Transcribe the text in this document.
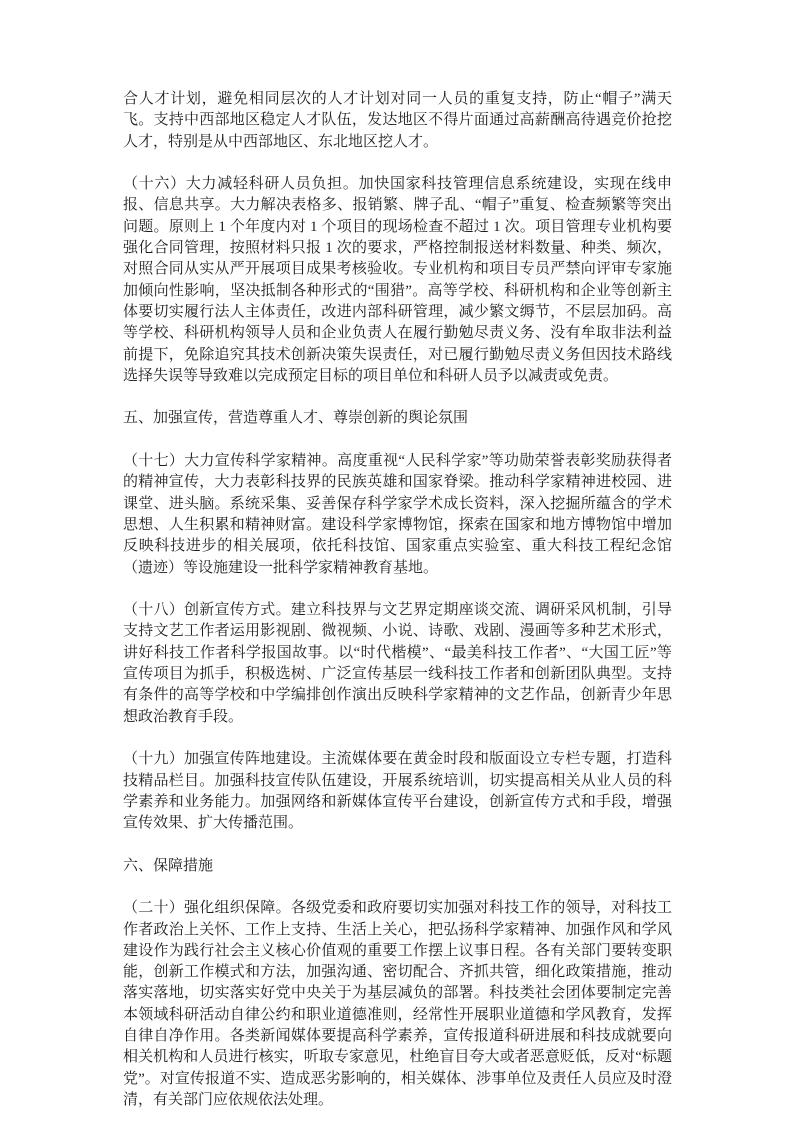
合人才计划，避免相同层次的人才计划对同一人员的重复支持，防止“帽子”满天飞。支持中西部地区稳定人才队伍，发达地区不得片面通过高薪酬高待遇竞价抢挖人才，特别是从中西部地区、东北地区挖人才。

（十六）大力减轻科研人员负担。加快国家科技管理信息系统建设，实现在线申报、信息共享。大力解决表格多、报销繁、牌子乱、“帽子”重复、检查频繁等突出问题。原则上 1 个年度内对 1 个项目的现场检查不超过 1 次。项目管理专业机构要强化合同管理，按照材料只报 1 次的要求，严格控制报送材料数量、种类、频次，对照合同从实从严开展项目成果考核验收。专业机构和项目专员严禁向评审专家施加倾向性影响，坚决抵制各种形式的“围猎”。高等学校、科研机构和企业等创新主体要切实履行法人主体责任，改进内部科研管理，减少繁文缛节，不层层加码。高等学校、科研机构领导人员和企业负责人在履行勤勉尽责义务、没有牟取非法利益前提下，免除追究其技术创新决策失误责任，对已履行勤勉尽责义务但因技术路线选择失误等导致难以完成预定目标的项目单位和科研人员予以减责或免责。

五、加强宣传，营造尊重人才、尊崇创新的舆论氛围

（十七）大力宣传科学家精神。高度重视“人民科学家”等功勋荣誉表彰奖励获得者的精神宣传，大力表彰科技界的民族英雄和国家脊梁。推动科学家精神进校园、进课堂、进头脑。系统采集、妥善保存科学家学术成长资料，深入挖掘所蕴含的学术思想、人生积累和精神财富。建设科学家博物馆，探索在国家和地方博物馆中增加反映科技进步的相关展项，依托科技馆、国家重点实验室、重大科技工程纪念馆（遗迹）等设施建设一批科学家精神教育基地。

（十八）创新宣传方式。建立科技界与文艺界定期座谈交流、调研采风机制，引导支持文艺工作者运用影视剧、微视频、小说、诗歌、戏剧、漫画等多种艺术形式，讲好科技工作者科学报国故事。以“时代楷模”、“最美科技工作者”、“大国工匠”等宣传项目为抓手，积极选树、广泛宣传基层一线科技工作者和创新团队典型。支持有条件的高等学校和中学编排创作演出反映科学家精神的文艺作品，创新青少年思想政治教育手段。

（十九）加强宣传阵地建设。主流媒体要在黄金时段和版面设立专栏专题，打造科技精品栏目。加强科技宣传队伍建设，开展系统培训，切实提高相关从业人员的科学素养和业务能力。加强网络和新媒体宣传平台建设，创新宣传方式和手段，增强宣传效果、扩大传播范围。

六、保障措施

（二十）强化组织保障。各级党委和政府要切实加强对科技工作的领导，对科技工作者政治上关怀、工作上支持、生活上关心，把弘扬科学家精神、加强作风和学风建设作为践行社会主义核心价值观的重要工作摆上议事日程。各有关部门要转变职能，创新工作模式和方法，加强沟通、密切配合、齐抓共管，细化政策措施，推动落实落地，切实落实好党中央关于为基层减负的部署。科技类社会团体要制定完善本领域科研活动自律公约和职业道德准则，经常性开展职业道德和学风教育，发挥自律自净作用。各类新闻媒体要提高科学素养，宣传报道科研进展和科技成就要向相关机构和人员进行核实，听取专家意见，杜绝盲目夸大或者恶意贬低，反对“标题党”。对宣传报道不实、造成恶劣影响的，相关媒体、涉事单位及责任人员应及时澄清，有关部门应依规依法处理。
